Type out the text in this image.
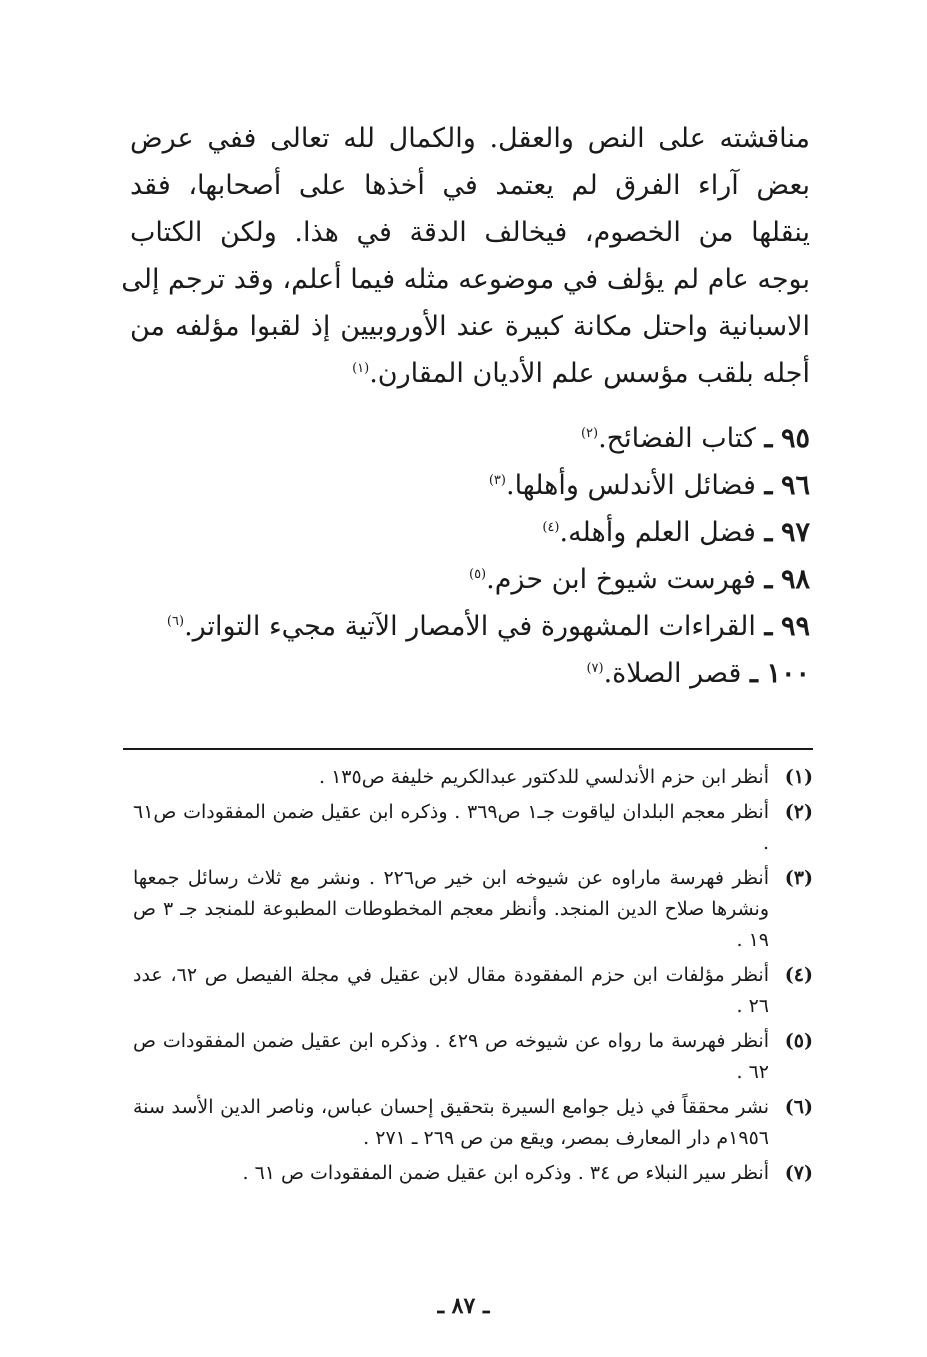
مناقشته على النص والعقل. والكمال لله تعالى ففي عرض
بعض آراء الفرق لم يعتمد في أخذها على أصحابها، فقد
ينقلها من الخصوم، فيخالف الدقة في هذا. ولكن الكتاب
بوجه عام لم يؤلف في موضوعه مثله فيما أعلم، وقد ترجم إلى
الاسبانية واحتل مكانة كبيرة عند الأوروبيين إذ لقبوا مؤلفه من
أجله بلقب مؤسس علم الأديان المقارن.$^{(١)}$
٩٥ ـ كتاب الفضائح.$^{(٢)}$
٩٦ ـ فضائل الأندلس وأهلها.$^{(٣)}$
٩٧ ـ فضل العلم وأهله.$^{(٤)}$
٩٨ ـ فهرست شيوخ ابن حزم.$^{(٥)}$
٩٩ ـ القراءات المشهورة في الأمصار الآتية مجيء التواتر.$^{(٦)}$
١٠٠ ـ قصر الصلاة.$^{(٧)}$
(١)
أنظر ابن حزم الأندلسي للدكتور عبدالكريم خليفة ص١٣٥ .
(٢)
أنظر معجم البلدان لياقوت جـ١ ص٣٦٩ . وذكره ابن عقيل ضمن المفقودات ص٦١ .
(٣)
أنظر فهرسة ماراوه عن شيوخه ابن خير ص٢٢٦ . ونشر مع ثلاث رسائل جمعها ونشرها صلاح الدين المنجد. وأنظر معجم المخطوطات المطبوعة للمنجد جـ ٣ ص ١٩ .
(٤)
أنظر مؤلفات ابن حزم المفقودة مقال لابن عقيل في مجلة الفيصل ص ٦٢، عدد ٢٦ .
(٥)
أنظر فهرسة ما رواه عن شيوخه ص ٤٢٩ . وذكره ابن عقيل ضمن المفقودات ص ٦٢ .
(٦)
نشر محققاً في ذيل جوامع السيرة بتحقيق إحسان عباس، وناصر الدين الأسد سنة ١٩٥٦م دار المعارف بمصر، ويقع من ص ٢٦٩ ـ ٢٧١ .
(٧)
أنظر سير النبلاء ص ٣٤ . وذكره ابن عقيل ضمن المفقودات ص ٦١ .
ـ ٨٧ ـ
